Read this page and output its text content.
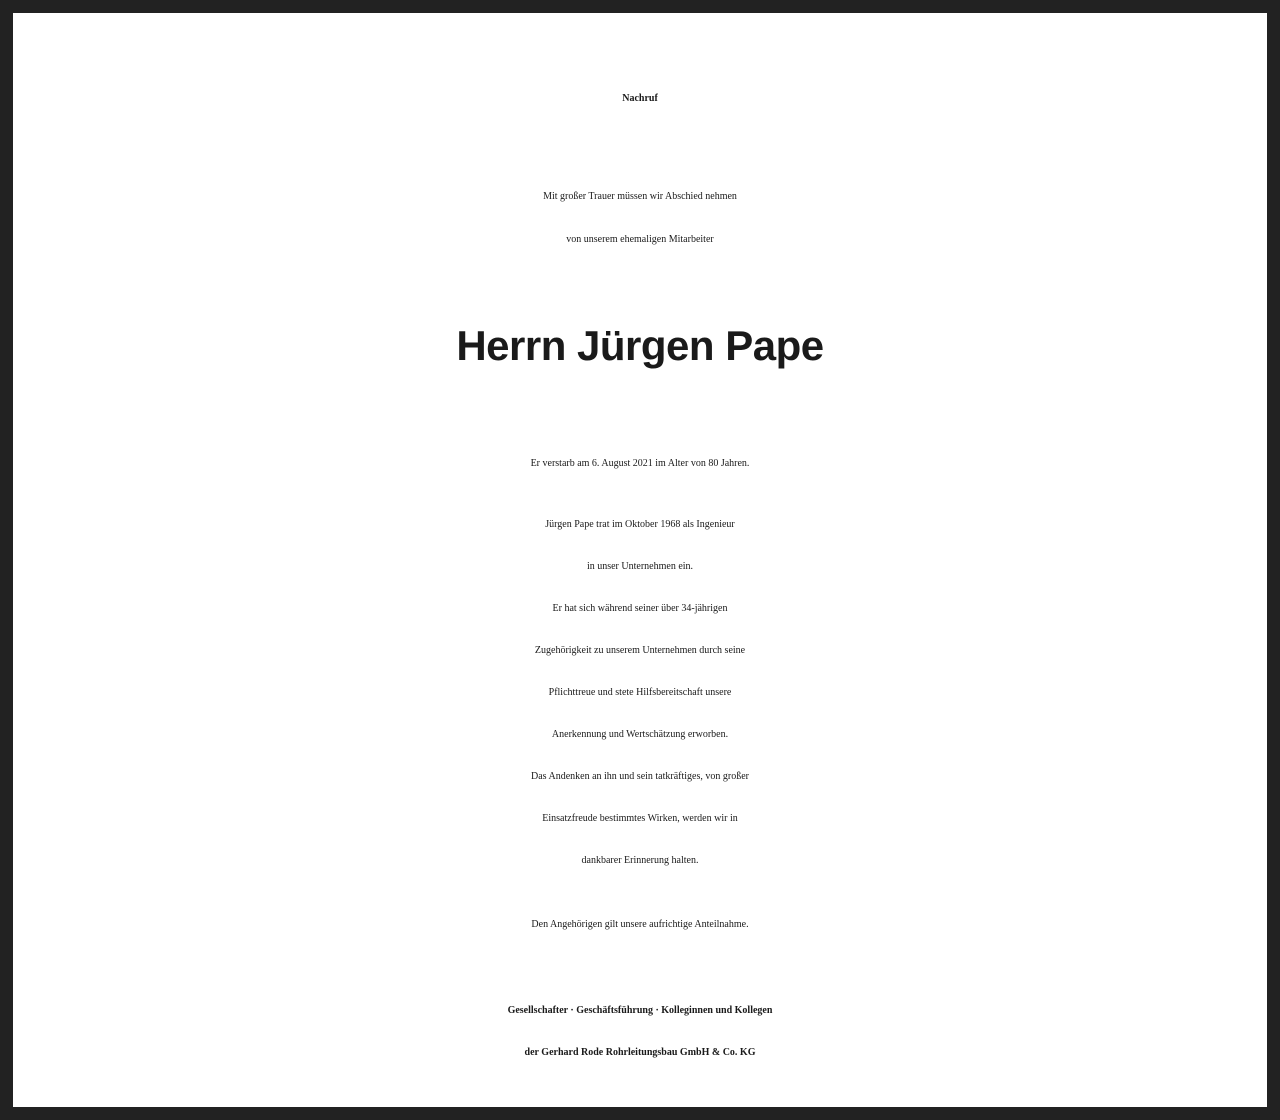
Nachruf
Mit großer Trauer müssen wir Abschied nehmen
von unserem ehemaligen Mitarbeiter
Herrn Jürgen Pape
Er verstarb am 6. August 2021 im Alter von 80 Jahren.
Jürgen Pape trat im Oktober 1968 als Ingenieur
in unser Unternehmen ein.
Er hat sich während seiner über 34-jährigen
Zugehörigkeit zu unserem Unternehmen durch seine
Pflichttreue und stete Hilfsbereitschaft unsere
Anerkennung und Wertschätzung erworben.
Das Andenken an ihn und sein tatkräftiges, von großer
Einsatzfreude bestimmtes Wirken, werden wir in
dankbarer Erinnerung halten.
Den Angehörigen gilt unsere aufrichtige Anteilnahme.
Gesellschafter · Geschäftsführung · Kolleginnen und Kollegen
der Gerhard Rode Rohrleitungsbau GmbH & Co. KG
